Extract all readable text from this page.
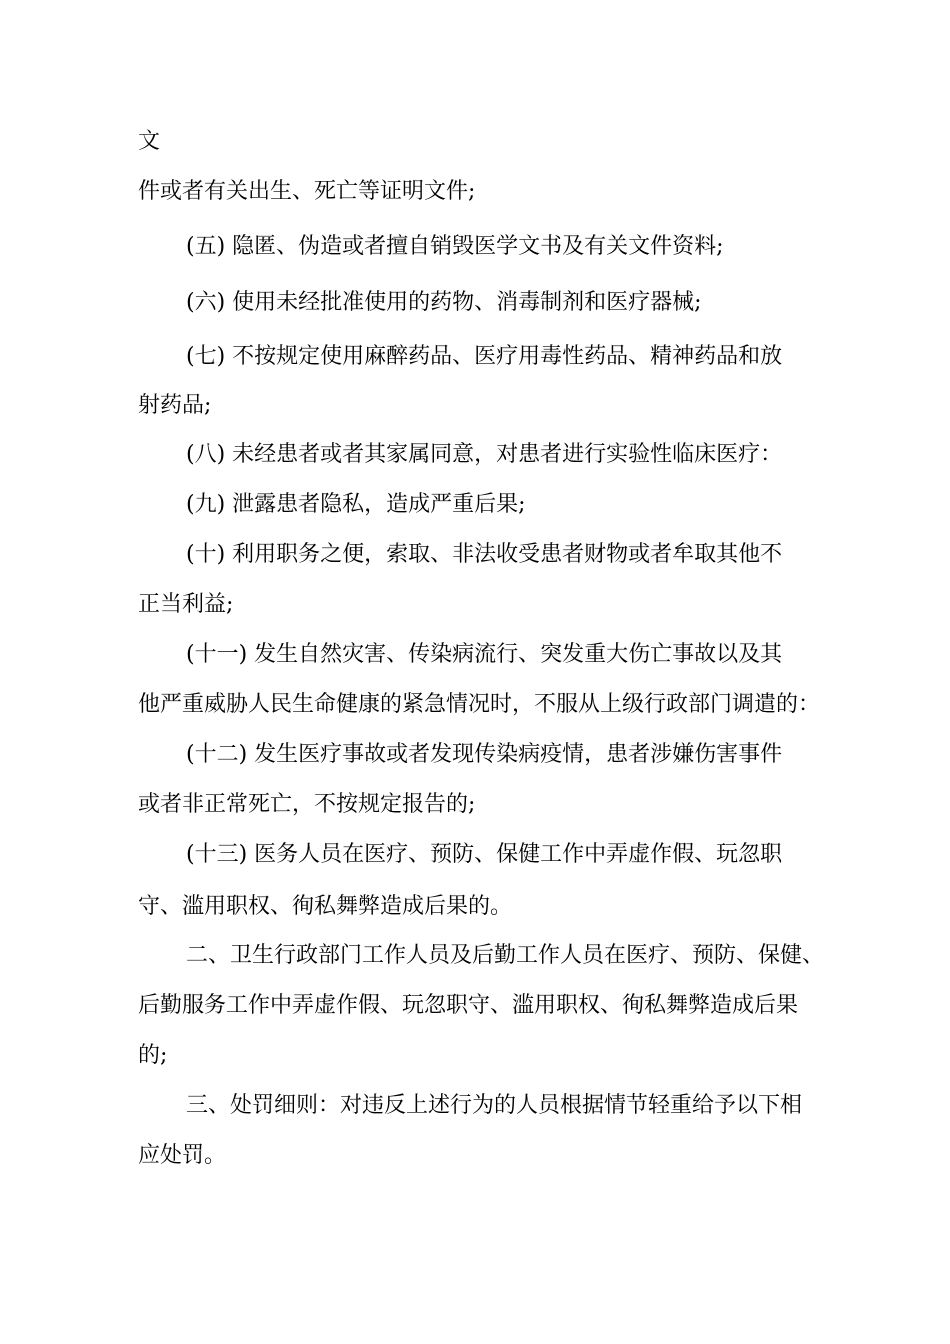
文
件或者有关出生、死亡等证明文件;
(五) 隐匿、伪造或者擅自销毁医学文书及有关文件资料;
(六) 使用未经批准使用的药物、消毒制剂和医疗器械;
(七) 不按规定使用麻醉药品、医疗用毒性药品、精神药品和放
射药品;
(八) 未经患者或者其家属同意，对患者进行实验性临床医疗：
(九) 泄露患者隐私，造成严重后果;
(十) 利用职务之便，索取、非法收受患者财物或者牟取其他不
正当利益;
(十一) 发生自然灾害、传染病流行、突发重大伤亡事故以及其
他严重威胁人民生命健康的紧急情况时，不服从上级行政部门调遣的：
(十二) 发生医疗事故或者发现传染病疫情，患者涉嫌伤害事件
或者非正常死亡，不按规定报告的;
(十三) 医务人员在医疗、预防、保健工作中弄虚作假、玩忽职
守、滥用职权、徇私舞弊造成后果的。
二、卫生行政部门工作人员及后勤工作人员在医疗、预防、保健、
后勤服务工作中弄虚作假、玩忽职守、滥用职权、徇私舞弊造成后果
的;
三、处罚细则：对违反上述行为的人员根据情节轻重给予以下相
应处罚。
